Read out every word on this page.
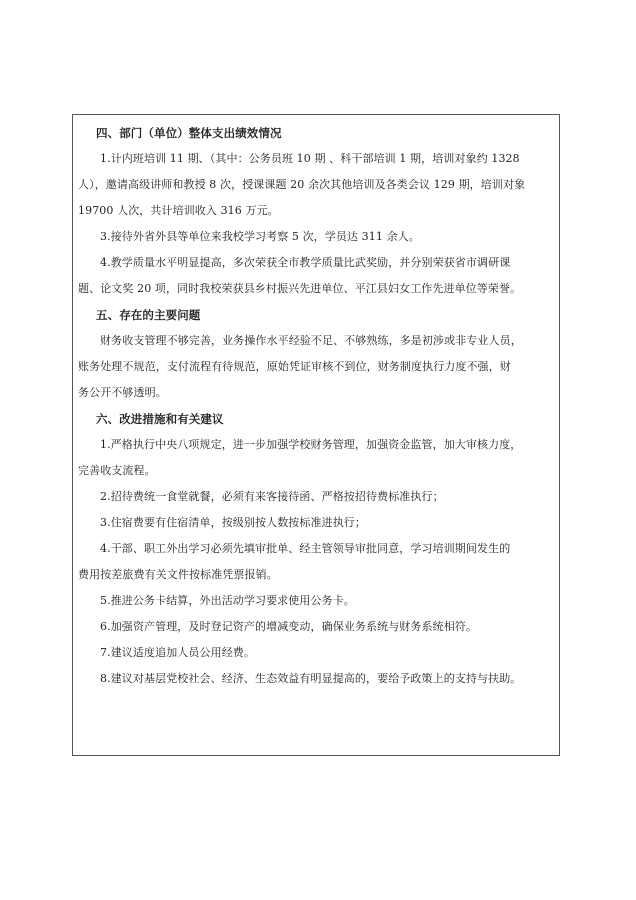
四、部门（单位）整体支出绩效情况
1.计内班培训 11 期、（其中：公务员班 10 期 、科干部培训 1 期，培训对象约 1328
人），邀请高级讲师和教授 8 次，授课课题 20 余次其他培训及各类会议 129 期，培训对象
19700 人次，共计培训收入 316 万元。
3.接待外省外县等单位来我校学习考察 5 次，学员达 311 余人。
4.教学质量水平明显提高，多次荣获全市教学质量比武奖励，并分别荣获省市调研课
题、论文奖 20 项，同时我校荣获县乡村振兴先进单位、平江县妇女工作先进单位等荣誉。
五、存在的主要问题
财务收支管理不够完善，业务操作水平经验不足、不够熟练，多是初涉或非专业人员，
账务处理不规范，支付流程有待规范，原始凭证审核不到位，财务制度执行力度不强，财
务公开不够透明。
六、改进措施和有关建议
1.严格执行中央八项规定，进一步加强学校财务管理，加强资金监管，加大审核力度，
完善收支流程。
2.招待费统一食堂就餐，必须有来客接待函、严格按招待费标准执行；
3.住宿费要有住宿清单，按级别按人数按标准进执行；
4.干部、职工外出学习必须先填审批单、经主管领导审批同意，学习培训期间发生的
费用按差旅费有关文件按标准凭票报销。
5.推进公务卡结算，外出活动学习要求使用公务卡。
6.加强资产管理，及时登记资产的增减变动，确保业务系统与财务系统相符。
7.建议适度追加人员公用经费。
8.建议对基层党校社会、经济、生态效益有明显提高的，要给予政策上的支持与扶助。
